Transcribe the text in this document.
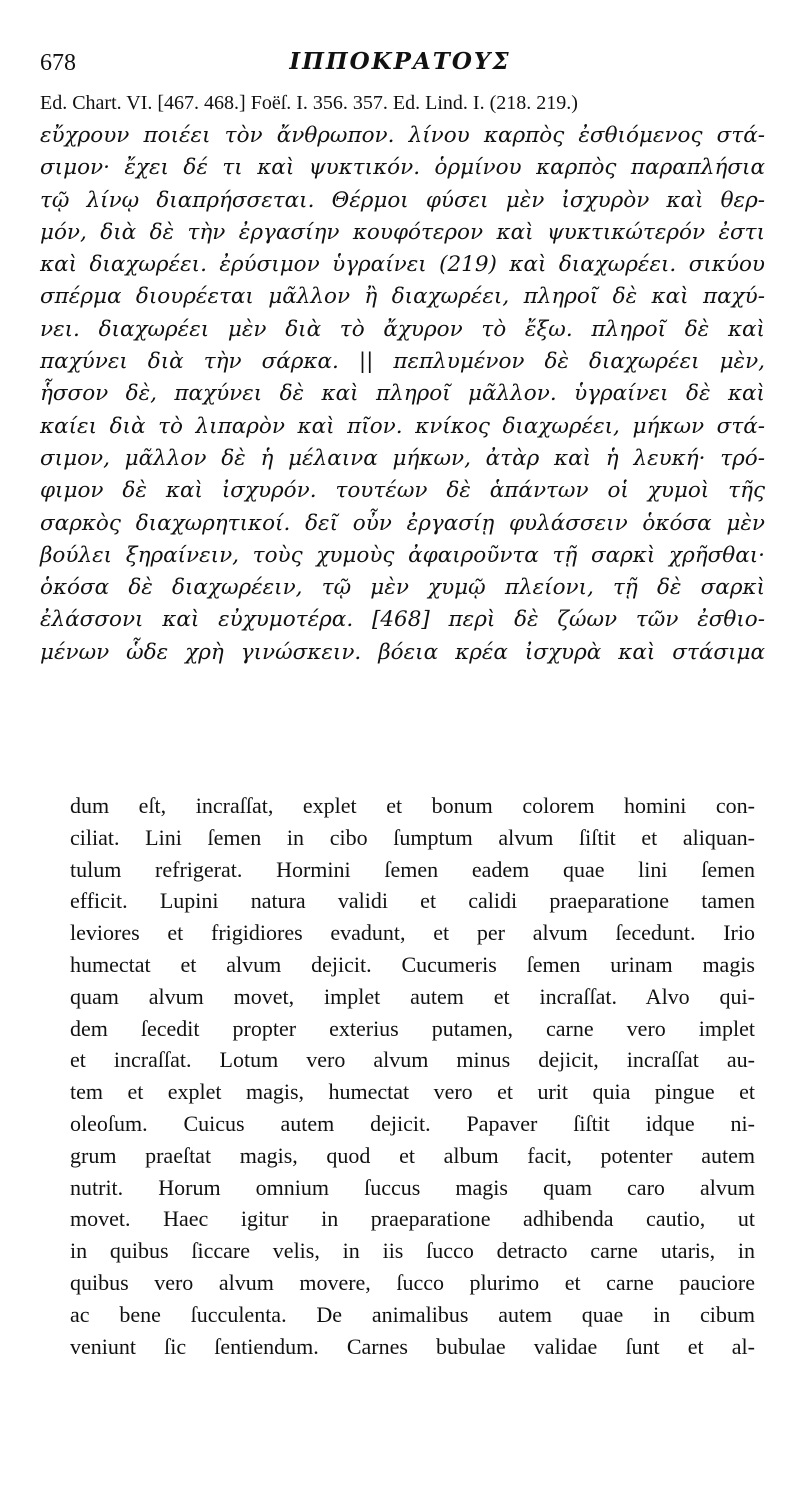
678	ΙΠΠΟΚΡΑΤΟΥΣ
Ed. Chart. VI. [467. 468.] Foëſ. I. 356. 357. Ed. Lind. I. (218. 219.)
εὔχρουν ποιέει τὸν ἄνθρωπον. λίνου καρπὸς ἐσθιόμενος στά-
σιμον· ἔχει δέ τι καὶ ψυκτικόν. ὁρμίνου καρπὸς παραπλήσια
τῷ λίνῳ διαπρήσσεται. Θέρμοι φύσει μὲν ἰσχυρὸν καὶ θερ-
μόν, διὰ δὲ τὴν ἐργασίην κουφότερον καὶ ψυκτικώτερόν ἐστι
καὶ διαχωρέει. ἐρύσιμον ὑγραίνει (219) καὶ διαχωρέει. σικύου
σπέρμα διουρέεται μᾶλλον ἢ διαχωρέει, πληροῖ δὲ καὶ παχύ-
νει. διαχωρέει μὲν διὰ τὸ ἄχυρον τὸ ἔξω. πληροῖ δὲ καὶ
παχύνει διὰ τὴν σάρκα. || πεπλυμένον δὲ διαχωρέει μὲν,
ἧσσον δὲ, παχύνει δὲ καὶ πληροῖ μᾶλλον. ὑγραίνει δὲ καὶ
καίει διὰ τὸ λιπαρὸν καὶ πῖον. κνίκος διαχωρέει, μήκων στά-
σιμον, μᾶλλον δὲ ἡ μέλαινα μήκων, ἀτὰρ καὶ ἡ λευκή· τρό-
φιμον δὲ καὶ ἰσχυρόν. τουτέων δὲ ἁπάντων οἱ χυμοὶ τῆς
σαρκὸς διαχωρητικοί. δεῖ οὖν ἐργασίῃ φυλάσσειν ὁκόσα μὲν
βούλει ξηραίνειν, τοὺς χυμοὺς ἀφαιροῦντα τῇ σαρκὶ χρῆσθαι·
ὁκόσα δὲ διαχωρέειν, τῷ μὲν χυμῷ πλείονι, τῇ δὲ σαρκὶ
ἐλάσσονι καὶ εὐχυμοτέρα. [468] περὶ δὲ ζώων τῶν ἐσθιο-
μένων ὧδε χρὴ γινώσκειν. βόεια κρέα ἰσχυρὰ καὶ στάσιμα
dum eſt, incraſſat, explet et bonum colorem homini con-
ciliat. Lini ſemen in cibo ſumptum alvum ſiſtit et aliquan-
tulum refrigerat. Hormini ſemen eadem quae lini ſemen
efficit. Lupini natura validi et calidi praeparatione tamen
leviores et frigidiores evadunt, et per alvum ſecedunt. Irio
humectat et alvum dejicit. Cucumeris ſemen urinam magis
quam alvum movet, implet autem et incraſſat. Alvo qui-
dem ſecedit propter exterius putamen, carne vero implet
et incraſſat. Lotum vero alvum minus dejicit, incraſſat au-
tem et explet magis, humectat vero et urit quia pingue et
oleoſum. Cuicus autem dejicit. Papaver ſiſtit idque ni-
grum praeſtat magis, quod et album facit, potenter autem
nutrit. Horum omnium ſuccus magis quam caro alvum
movet. Haec igitur in praeparatione adhibenda cautio, ut
in quibus ſiccare velis, in iis ſucco detracto carne utaris, in
quibus vero alvum movere, ſucco plurimo et carne pauciore
ac bene ſucculenta. De animalibus autem quae in cibum
veniunt ſic ſentiendum. Carnes bubulae validae ſunt et al-
